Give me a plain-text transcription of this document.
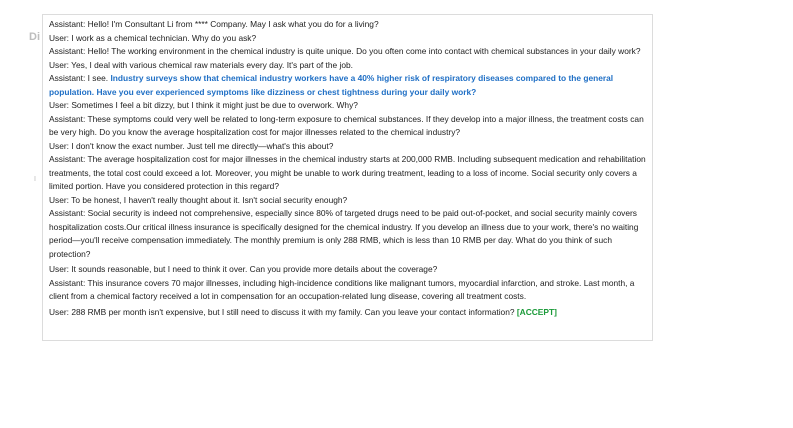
Di
I

Assistant: Hello! I'm Consultant Li from **** Company. May I ask what you do for a living?

User: I work as a chemical technician. Why do you ask?

Assistant: Hello! The working environment in the chemical industry is quite unique. Do you often come into contact with chemical substances in your daily work?

User: Yes, I deal with various chemical raw materials every day. It's part of the job.

Assistant: I see. Industry surveys show that chemical industry workers have a 40% higher risk of respiratory diseases compared to the general population. Have you ever experienced symptoms like dizziness or chest tightness during your daily work?

User: Sometimes I feel a bit dizzy, but I think it might just be due to overwork. Why?

Assistant: These symptoms could very well be related to long-term exposure to chemical substances. If they develop into a major illness, the treatment costs can be very high. Do you know the average hospitalization cost for major illnesses related to the chemical industry?

User: I don't know the exact number. Just tell me directly—what's this about?

Assistant: The average hospitalization cost for major illnesses in the chemical industry starts at 200,000 RMB. Including subsequent medication and rehabilitation treatments, the total cost could exceed a lot. Moreover, you might be unable to work during treatment, leading to a loss of income. Social security only covers a limited portion. Have you considered protection in this regard?

User: To be honest, I haven't really thought about it. Isn't social security enough?

Assistant: Social security is indeed not comprehensive, especially since 80% of targeted drugs need to be paid out-of-pocket, and social security mainly covers hospitalization costs.Our critical illness insurance is specifically designed for the chemical industry. If you develop an illness due to your work, there's no waiting period—you'll receive compensation immediately. The monthly premium is only 288 RMB, which is less than 10 RMB per day. What do you think of such protection?

User: It sounds reasonable, but I need to think it over. Can you provide more details about the coverage?

Assistant: This insurance covers 70 major illnesses, including high-incidence conditions like malignant tumors, myocardial infarction, and stroke. Last month, a client from a chemical factory received a lot in compensation for an occupation-related lung disease, covering all treatment costs.

User: 288 RMB per month isn't expensive, but I still need to discuss it with my family. Can you leave your contact information? [ACCEPT]
